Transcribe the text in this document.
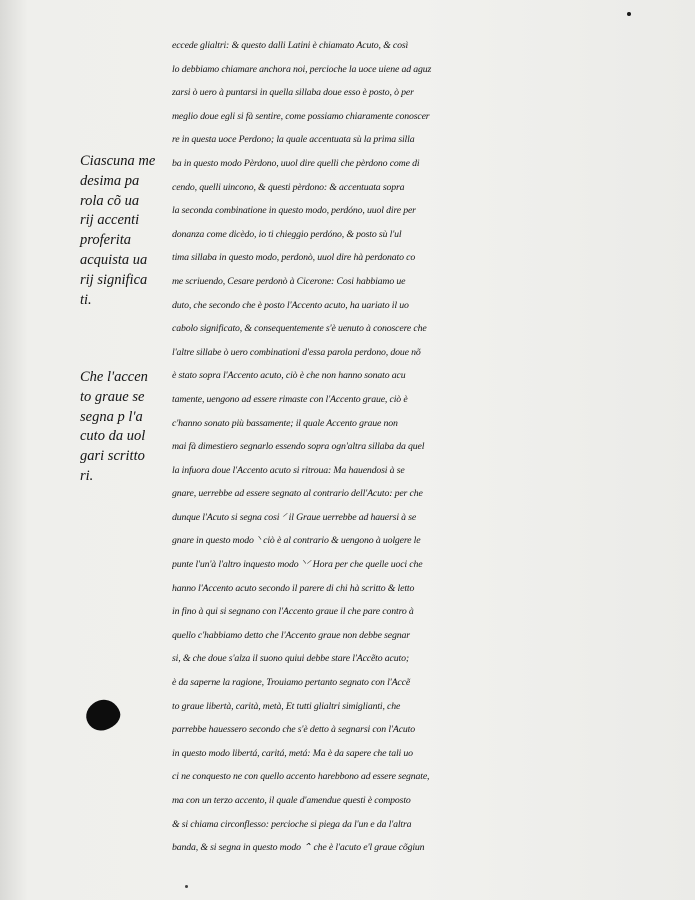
eccede glialtri: & questo dalli Latini è chiamato Acuto, & così
lo debbiamo chiamare anchora noi, percioche la uoce uiene ad aguz
zarsi ò uero à puntarsi in quella sillaba doue esso è posto, ò per
meglio doue egli si fà sentire, come possiamo chiaramente conoscer
re in questa uoce Perdono; la quale accentuata sù la prima silla
ba in questo modo Pèrdono, uuol dire quelli che pèrdono come di
cendo, quelli uincono, & questi pèrdono: & accentuata sopra
la seconda combinatione in questo modo, perdóno, uuol dire per
donanza come dicèdo, io ti chieggio perdóno, & posto sù l'ul
tima sillaba in questo modo, perdonò, uuol dire hà perdonato co
me scriuendo, Cesare perdonò à Cicerone: Cosi habbiamo ue
duto, che secondo che è posto l'Accento acuto, ha uariato il uo
cabolo significato, & consequentemente s'è uenuto à conoscere che
l'altre sillabe ò uero combinationi d'essa parola perdono, doue nõ
è stato sopra l'Accento acuto, ciò è che non hanno sonato acu
tamente, uengono ad essere rimaste con l'Accento graue, ciò è
c'hanno sonato più bassamente; il quale Accento graue non
mai fà dimestiero segnarlo essendo sopra ogn'altra sillaba da quel
la infuora doue l'Accento acuto si ritroua: Ma hauendosi à se
gnare, uerrebbe ad essere segnato al contrario dell'Acuto: per che
dunque l'Acuto si segna cosi ⸍ il Graue uerrebbe ad hauersi à se
gnare in questo modo ⸌ ciò è al contrario & uengono à uolgere le
punte l'un'à l'altro inquesto modo ⸌⸍ Hora per che quelle uoci che
hanno l'Accento acuto secondo il parere di chi hà scritto & letto
in fino à qui si segnano con l'Accento graue il che pare contro à
quello c'habbiamo detto che l'Accento graue non debbe segnar
si, & che doue s'alza il suono quiui debbe stare l'Accẽto acuto;
è da saperne la ragione, Trouiamo pertanto segnato con l'Accẽ
to graue libertà, carità, metà, Et tutti glialtri simiglianti, che
parrebbe hauessero secondo che s'è detto à segnarsi con l'Acuto
in questo modo libertá, caritá, metá: Ma è da sapere che tali uo
ci ne conquesto ne con quello accento harebbono ad essere segnate,
ma con un terzo accento, il quale d'amendue questi è composto
& si chiama circonflesso: percioche si piega da l'un e da l'altra
banda, & si segna in questo modo ⌃ che è l'acuto e'l graue cõgiun
Ciascuna me
desima pa
rola cõ ua
rij accenti
proferita
acquista ua
rij significa
ti.
Che l'accen
to graue se
segna p l'a
cuto da uol
gari scritto
ri.
